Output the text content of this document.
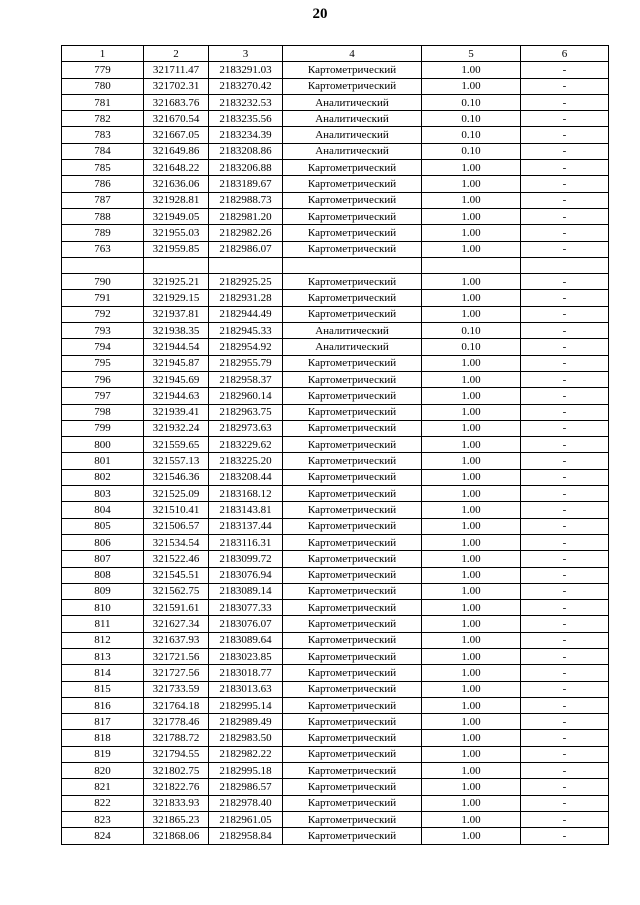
20
1	2	3	4	5	6
779	321711.47	2183291.03	Картометрический	1.00	-
780	321702.31	2183270.42	Картометрический	1.00	-
781	321683.76	2183232.53	Аналитический	0.10	-
782	321670.54	2183235.56	Аналитический	0.10	-
783	321667.05	2183234.39	Аналитический	0.10	-
784	321649.86	2183208.86	Аналитический	0.10	-
785	321648.22	2183206.88	Картометрический	1.00	-
786	321636.06	2183189.67	Картометрический	1.00	-
787	321928.81	2182988.73	Картометрический	1.00	-
788	321949.05	2182981.20	Картометрический	1.00	-
789	321955.03	2182982.26	Картометрический	1.00	-
763	321959.85	2182986.07	Картометрический	1.00	-

790	321925.21	2182925.25	Картометрический	1.00	-
791	321929.15	2182931.28	Картометрический	1.00	-
792	321937.81	2182944.49	Картометрический	1.00	-
793	321938.35	2182945.33	Аналитический	0.10	-
794	321944.54	2182954.92	Аналитический	0.10	-
795	321945.87	2182955.79	Картометрический	1.00	-
796	321945.69	2182958.37	Картометрический	1.00	-
797	321944.63	2182960.14	Картометрический	1.00	-
798	321939.41	2182963.75	Картометрический	1.00	-
799	321932.24	2182973.63	Картометрический	1.00	-
800	321559.65	2183229.62	Картометрический	1.00	-
801	321557.13	2183225.20	Картометрический	1.00	-
802	321546.36	2183208.44	Картометрический	1.00	-
803	321525.09	2183168.12	Картометрический	1.00	-
804	321510.41	2183143.81	Картометрический	1.00	-
805	321506.57	2183137.44	Картометрический	1.00	-
806	321534.54	2183116.31	Картометрический	1.00	-
807	321522.46	2183099.72	Картометрический	1.00	-
808	321545.51	2183076.94	Картометрический	1.00	-
809	321562.75	2183089.14	Картометрический	1.00	-
810	321591.61	2183077.33	Картометрический	1.00	-
811	321627.34	2183076.07	Картометрический	1.00	-
812	321637.93	2183089.64	Картометрический	1.00	-
813	321721.56	2183023.85	Картометрический	1.00	-
814	321727.56	2183018.77	Картометрический	1.00	-
815	321733.59	2183013.63	Картометрический	1.00	-
816	321764.18	2182995.14	Картометрический	1.00	-
817	321778.46	2182989.49	Картометрический	1.00	-
818	321788.72	2182983.50	Картометрический	1.00	-
819	321794.55	2182982.22	Картометрический	1.00	-
820	321802.75	2182995.18	Картометрический	1.00	-
821	321822.76	2182986.57	Картометрический	1.00	-
822	321833.93	2182978.40	Картометрический	1.00	-
823	321865.23	2182961.05	Картометрический	1.00	-
824	321868.06	2182958.84	Картометрический	1.00	-
